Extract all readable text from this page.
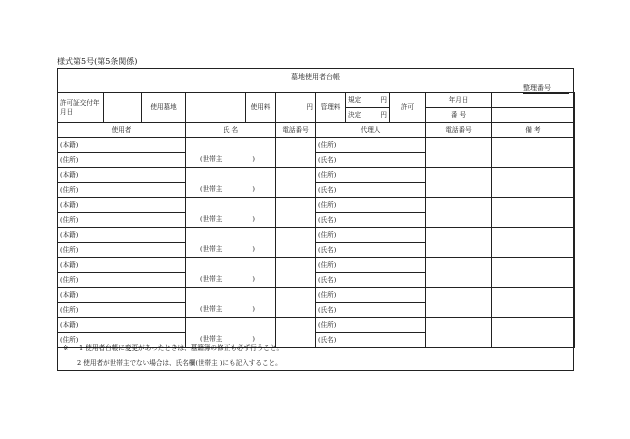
様式第5号(第5条関係)
墓地使用者台帳
整理番号
許可証交付年月日		使用墓地		使用料	円	管理料	規定 円	許可	年月日	
							決定 円		番 号	
使用者			氏 名		電話番号	代理人			電話番号	備 考
(本籍)			(世帯主 )			(住所)				
(住所)						(氏名)				
(本籍)			(世帯主 )			(住所)				
(住所)						(氏名)				
(本籍)			(世帯主 )			(住所)				
(住所)						(氏名)				
(本籍)			(世帯主 )			(住所)				
(住所)						(氏名)				
(本籍)			(世帯主 )			(住所)				
(住所)						(氏名)				
(本籍)			(世帯主 )			(住所)				
(住所)						(氏名)				
(本籍)			(世帯主 )			(住所)				
(住所)						(氏名)				
※ 1 使用者台帳に変更があったときは、墓籍簿の修正も必ず行うこと。
2 使用者が世帯主でない場合は、氏名欄(世帯主 )にも記入すること。
